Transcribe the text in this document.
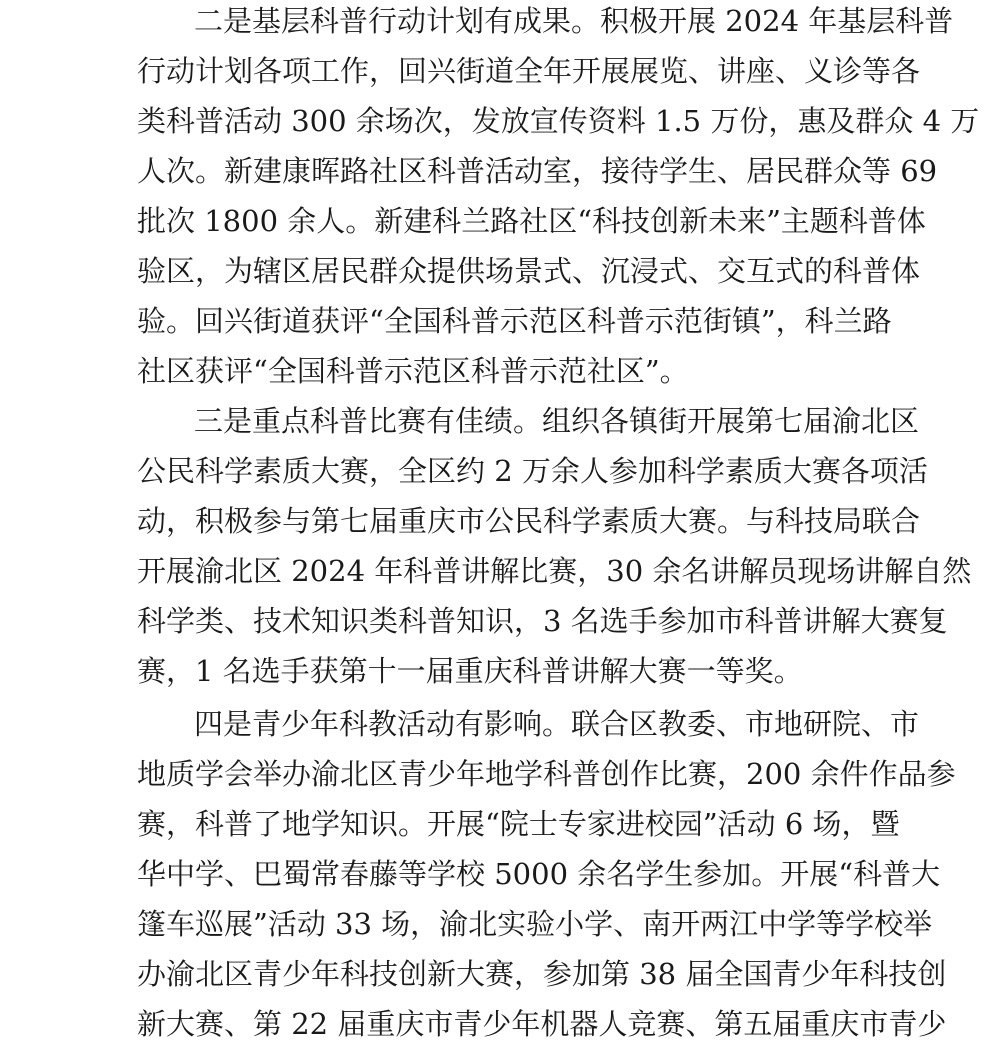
二是基层科普行动计划有成果。积极开展 2024 年基层科普
行动计划各项工作，回兴街道全年开展展览、讲座、义诊等各
类科普活动 300 余场次，发放宣传资料 1.5 万份，惠及群众 4 万
人次。新建康晖路社区科普活动室，接待学生、居民群众等 69
批次 1800 余人。新建科兰路社区“科技创新未来”主题科普体
验区，为辖区居民群众提供场景式、沉浸式、交互式的科普体
验。回兴街道获评“全国科普示范区科普示范街镇”，科兰路
社区获评“全国科普示范区科普示范社区”。
三是重点科普比赛有佳绩。组织各镇街开展第七届渝北区
公民科学素质大赛，全区约 2 万余人参加科学素质大赛各项活
动，积极参与第七届重庆市公民科学素质大赛。与科技局联合
开展渝北区 2024 年科普讲解比赛，30 余名讲解员现场讲解自然
科学类、技术知识类科普知识，3 名选手参加市科普讲解大赛复
赛，1 名选手获第十一届重庆科普讲解大赛一等奖。
四是青少年科教活动有影响。联合区教委、市地研院、市
地质学会举办渝北区青少年地学科普创作比赛，200 余件作品参
赛，科普了地学知识。开展“院士专家进校园”活动 6 场，暨
华中学、巴蜀常春藤等学校 5000 余名学生参加。开展“科普大
篷车巡展”活动 33 场，渝北实验小学、南开两江中学等学校举
办渝北区青少年科技创新大赛，参加第 38 届全国青少年科技创
新大赛、第 22 届重庆市青少年机器人竞赛、第五届重庆市青少
